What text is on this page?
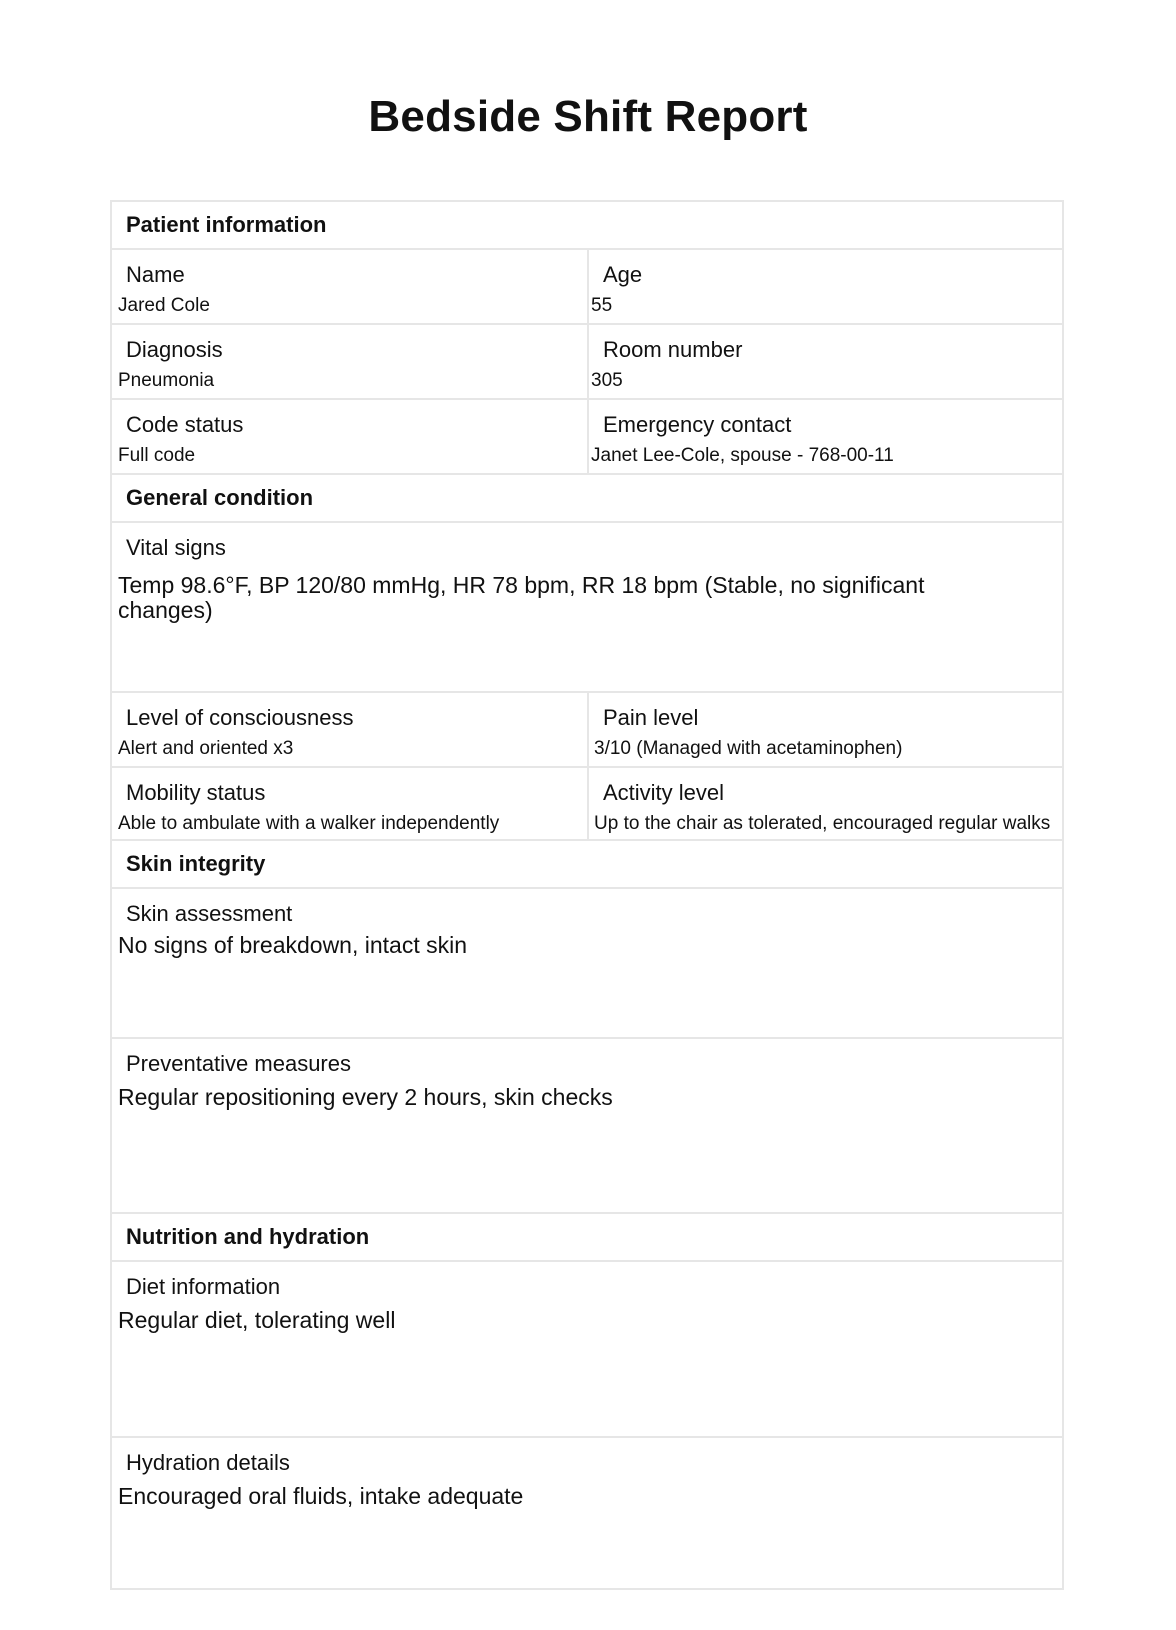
Bedside Shift Report
Patient information
Name
Jared Cole
Age
55
Diagnosis
Pneumonia
Room number
305
Code status
Full code
Emergency contact
Janet Lee-Cole, spouse - 768-00-11
General condition
Vital signs
Temp 98.6°F, BP 120/80 mmHg, HR 78 bpm, RR 18 bpm (Stable, no significant changes)
Level of consciousness
Alert and oriented x3
Pain level
3/10 (Managed with acetaminophen)
Mobility status
Able to ambulate with a walker independently
Activity level
Up to the chair as tolerated, encouraged regular walks
Skin integrity
Skin assessment
No signs of breakdown, intact skin
Preventative measures
Regular repositioning every 2 hours, skin checks
Nutrition and hydration
Diet information
Regular diet, tolerating well
Hydration details
Encouraged oral fluids, intake adequate
